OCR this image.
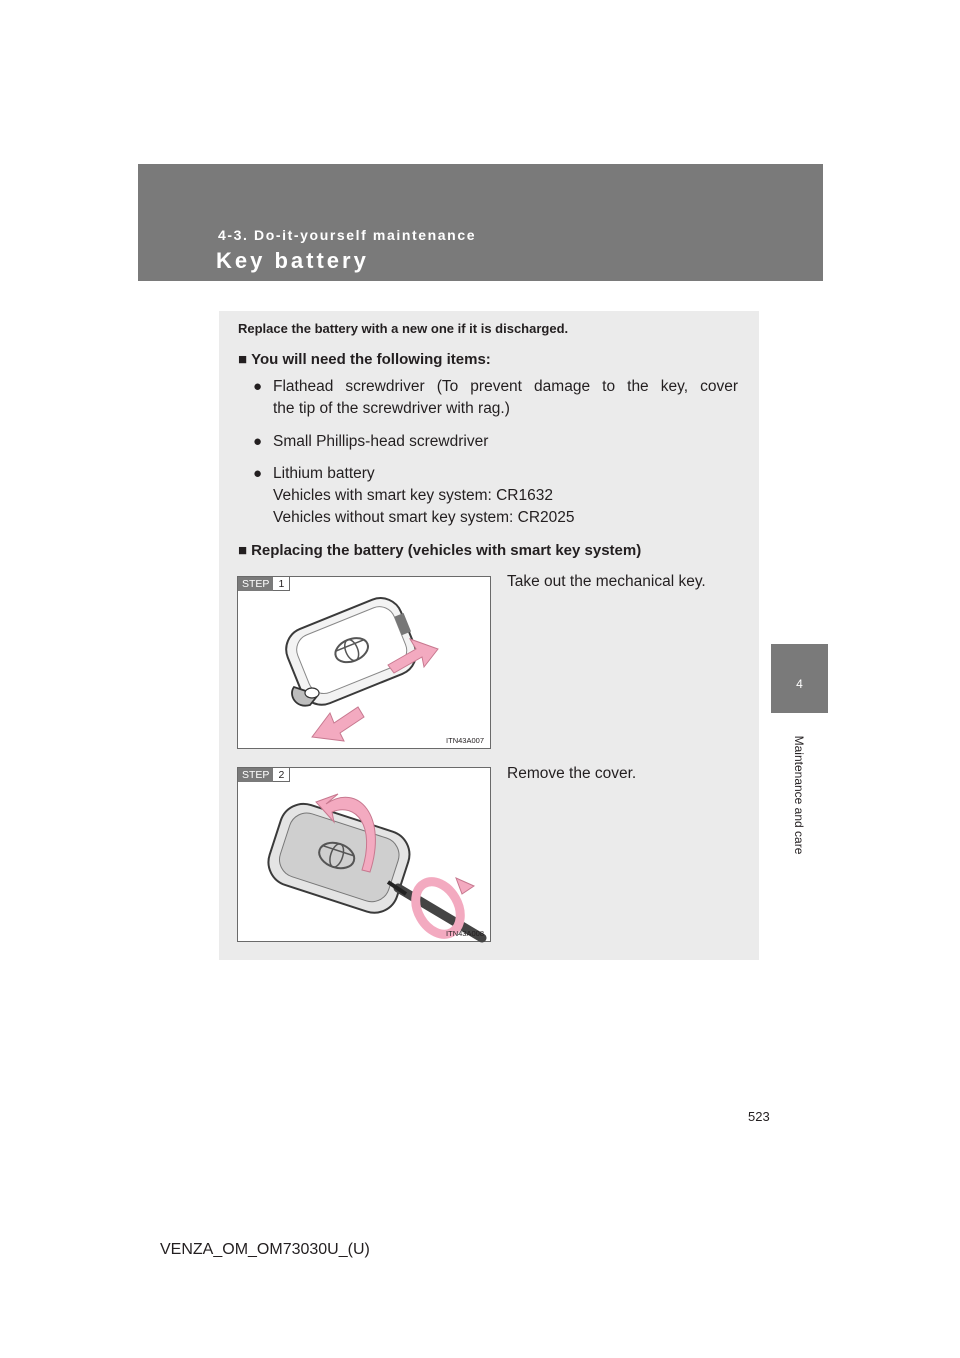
4-3. Do-it-yourself maintenance
Key battery
4
Maintenance and care
Replace the battery with a new one if it is discharged.
■ You will need the following items:
● Flathead screwdriver (To prevent damage to the key, cover
the tip of the screwdriver with rag.)
● Small Phillips-head screwdriver
● Lithium battery
Vehicles with smart key system: CR1632
Vehicles without smart key system: CR2025
■ Replacing the battery (vehicles with smart key system)
STEP 1
ITN43A007
Take out the mechanical key.
STEP 2
ITN43A008
Remove the cover.
523
VENZA_OM_OM73030U_(U)
